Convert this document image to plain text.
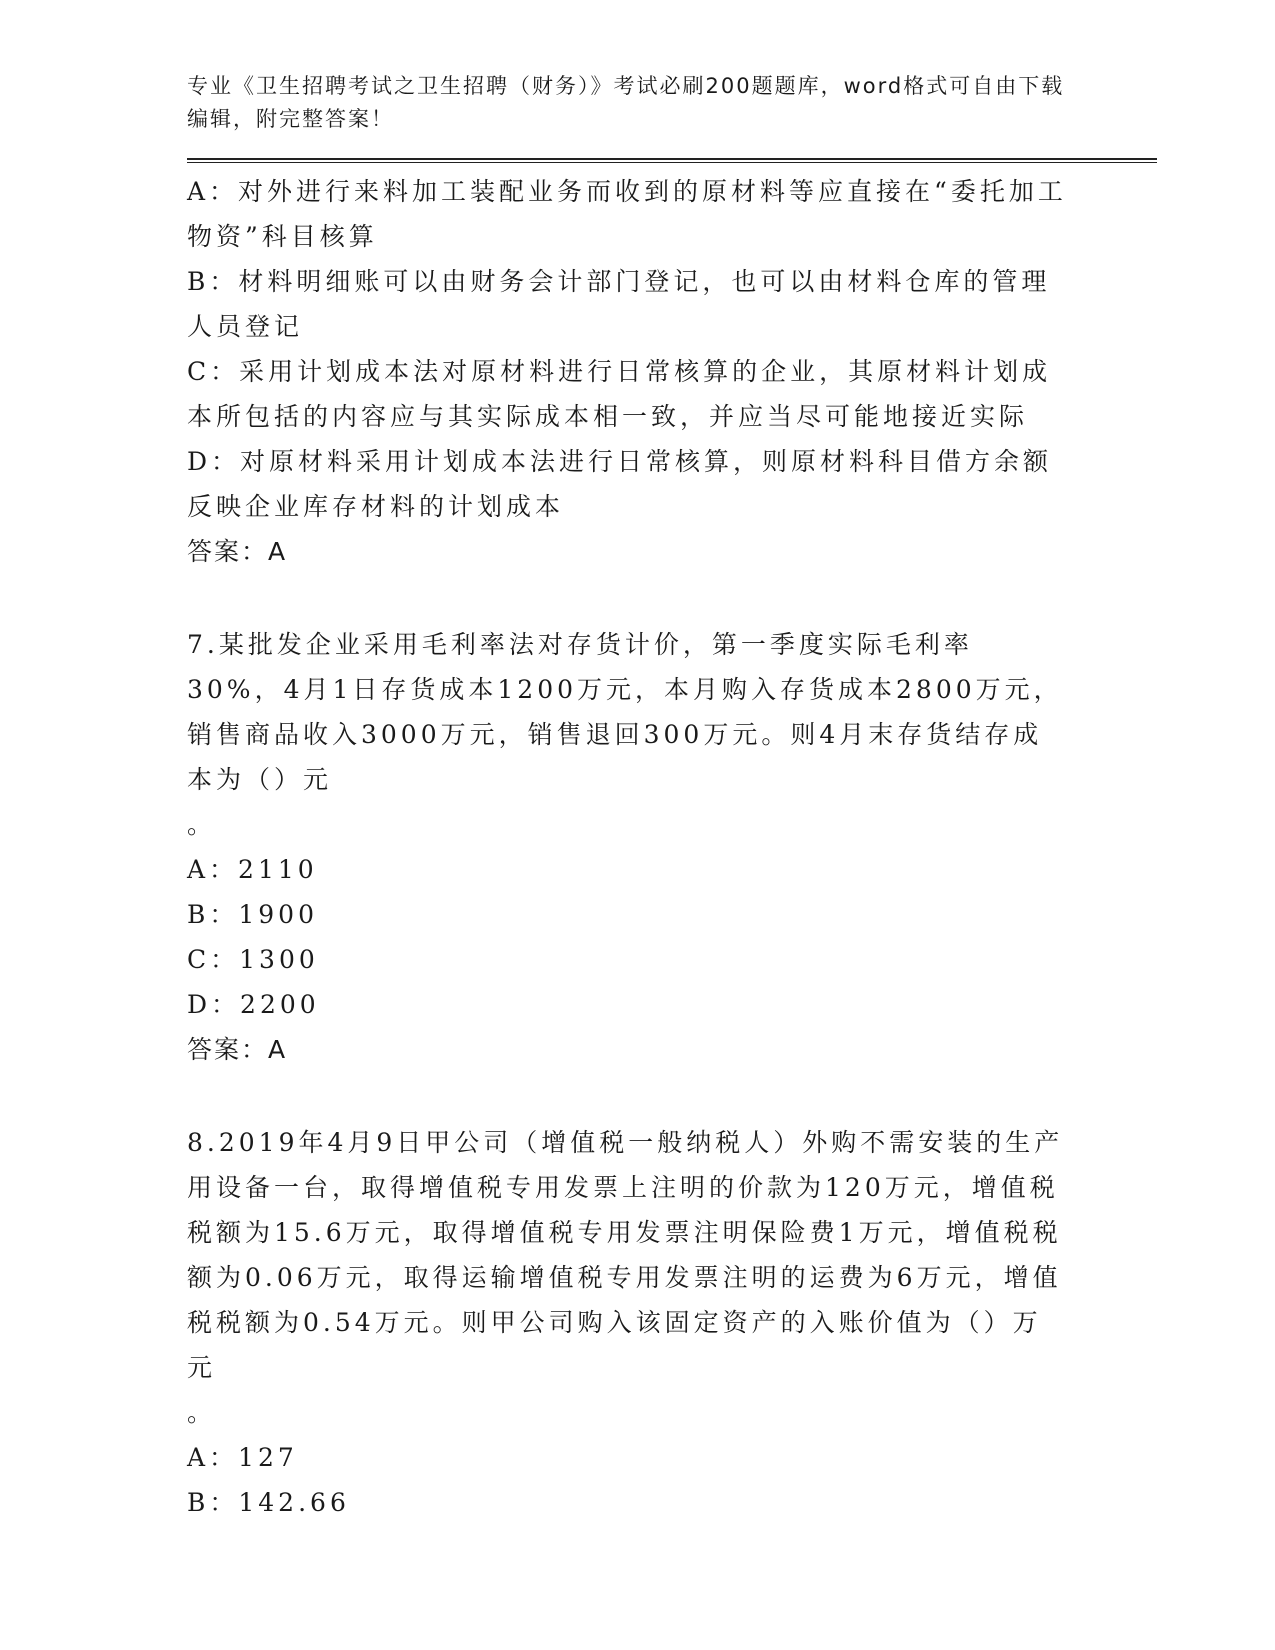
专业《卫生招聘考试之卫生招聘（财务）》考试必刷200题题库，word格式可自由下载编辑，附完整答案！

A：对外进行来料加工装配业务而收到的原材料等应直接在“委托加工物资”科目核算

B：材料明细账可以由财务会计部门登记，也可以由材料仓库的管理人员登记

C：采用计划成本法对原材料进行日常核算的企业，其原材料计划成本所包括的内容应与其实际成本相一致，并应当尽可能地接近实际

D：对原材料采用计划成本法进行日常核算，则原材料科目借方余额反映企业库存材料的计划成本

答案：A

7.某批发企业采用毛利率法对存货计价，第一季度实际毛利率30%，4月1日存货成本1200万元，本月购入存货成本2800万元，销售商品收入3000万元，销售退回300万元。则4月末存货结存成本为（）元

。

A：2110

B：1900

C：1300

D：2200

答案：A

8.2019年4月9日甲公司（增值税一般纳税人）外购不需安装的生产用设备一台，取得增值税专用发票上注明的价款为120万元，增值税税额为15.6万元，取得增值税专用发票注明保险费1万元，增值税税额为0.06万元，取得运输增值税专用发票注明的运费为6万元，增值税税额为0.54万元。则甲公司购入该固定资产的入账价值为（）万元

。

A：127

B：142.66
